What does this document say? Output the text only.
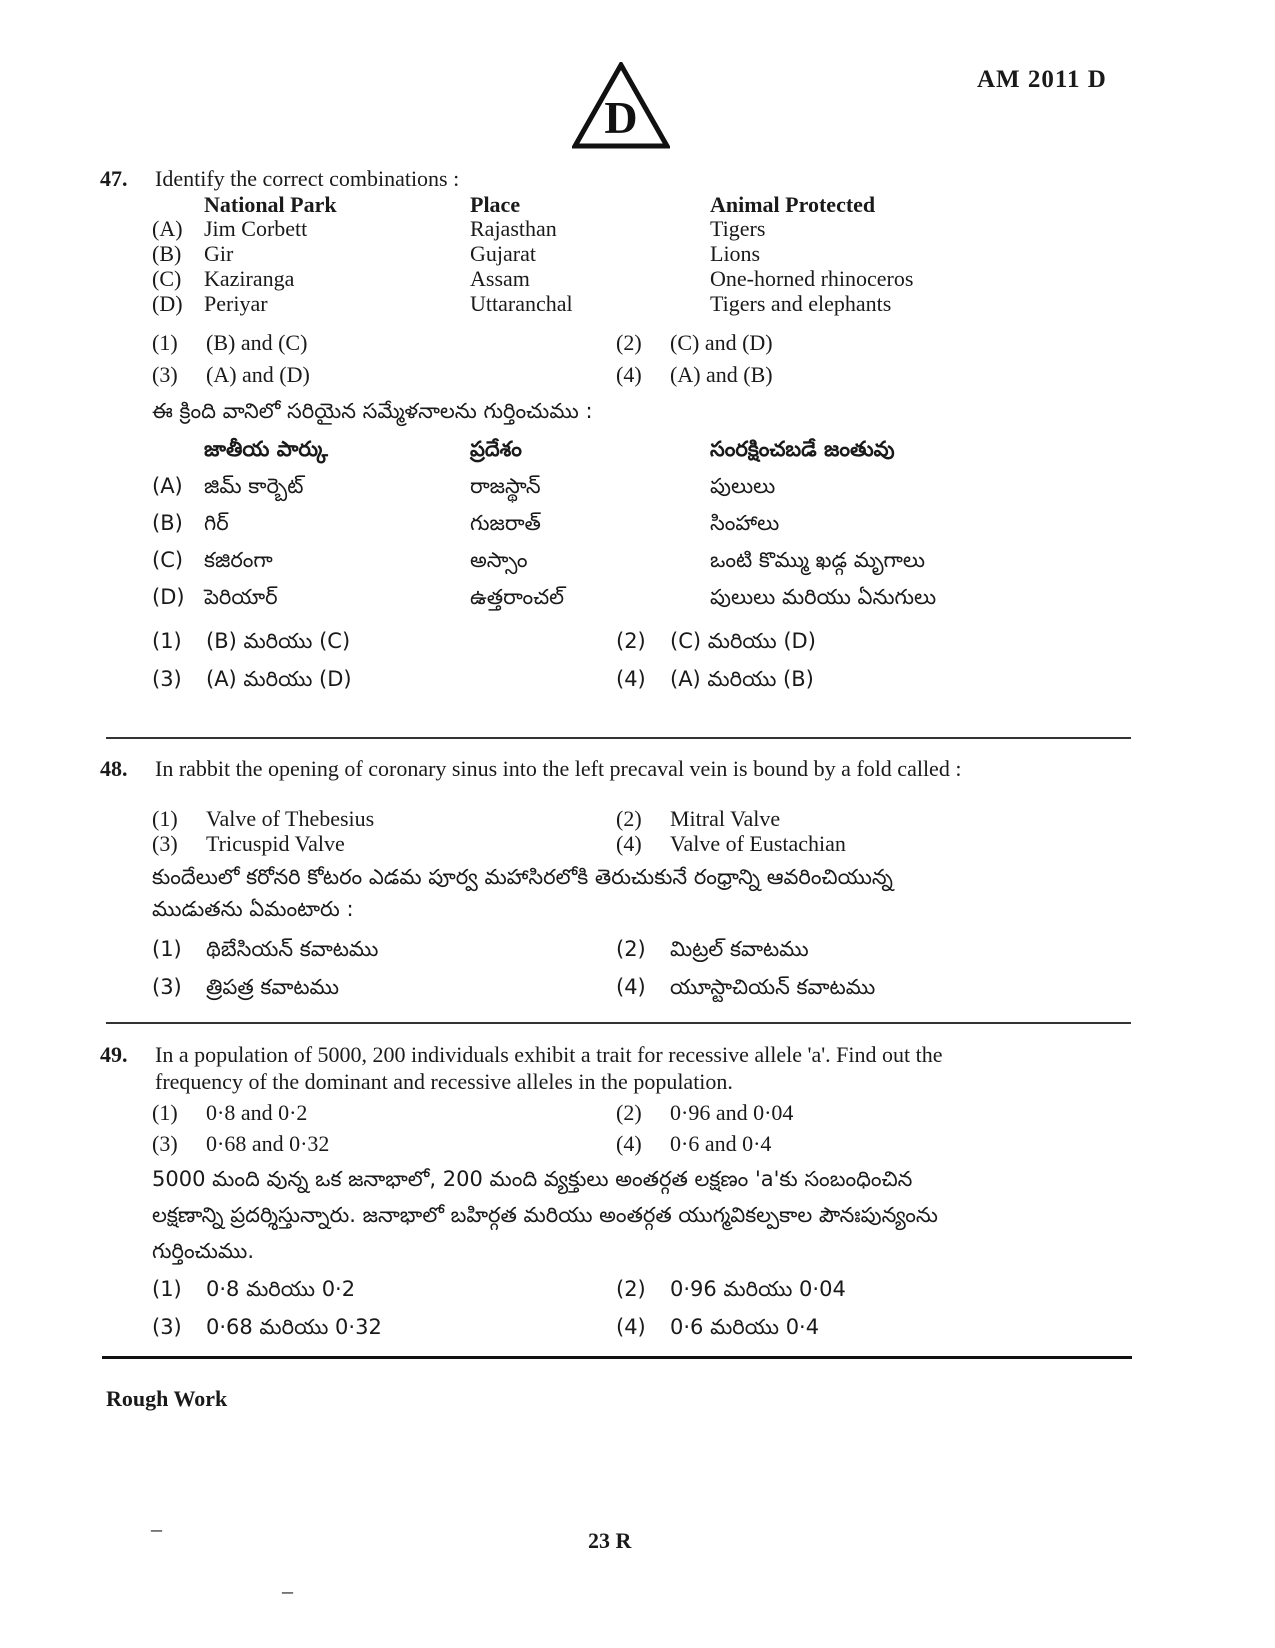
AM 2011 D
D
47. Identify the correct combinations :
National Park	Place	Animal Protected
(A) Jim Corbett	Rajasthan	Tigers
(B) Gir	Gujarat	Lions
(C) Kaziranga	Assam	One-horned rhinoceros
(D) Periyar	Uttaranchal	Tigers and elephants
(1) (B) and (C)	(2) (C) and (D)
(3) (A) and (D)	(4) (A) and (B)
ఈ క్రింది వానిలో సరియైన సమ్మేళనాలను గుర్తించుము :
జాతీయ పార్కు	ప్రదేశం	సంరక్షించబడే జంతువు
(A) జిమ్ కార్బెట్	రాజస్థాన్	పులులు
(B) గిర్	గుజరాత్	సింహాలు
(C) కజిరంగా	అస్సాం	ఒంటి కొమ్ము ఖడ్గ మృగాలు
(D) పెరియార్	ఉత్తరాంచల్	పులులు మరియు ఏనుగులు
(1) (B) మరియు (C)	(2) (C) మరియు (D)
(3) (A) మరియు (D)	(4) (A) మరియు (B)
48. In rabbit the opening of coronary sinus into the left precaval vein is bound by a fold called :
(1) Valve of Thebesius	(2) Mitral Valve
(3) Tricuspid Valve	(4) Valve of Eustachian
కుందేలులో కరోనరి కోటరం ఎడమ పూర్వ మహాసిరలోకి తెరుచుకునే రంధ్రాన్ని ఆవరించియున్న
ముడుతను ఏమంటారు :
(1) థిబేసియన్ కవాటము	(2) మిట్రల్ కవాటము
(3) త్రిపత్ర కవాటము	(4) యూస్టాచియన్ కవాటము
49. In a population of 5000, 200 individuals exhibit a trait for recessive allele 'a'. Find out the
frequency of the dominant and recessive alleles in the population.
(1) 0·8 and 0·2	(2) 0·96 and 0·04
(3) 0·68 and 0·32	(4) 0·6 and 0·4
5000 మంది వున్న ఒక జనాభాలో, 200 మంది వ్యక్తులు అంతర్గత లక్షణం 'a'కు సంబంధించిన
లక్షణాన్ని ప్రదర్శిస్తున్నారు. జనాభాలో బహిర్గత మరియు అంతర్గత యుగ్మవికల్పకాల పౌనఃపున్యంను
గుర్తించుము.
(1) 0·8 మరియు 0·2	(2) 0·96 మరియు 0·04
(3) 0·68 మరియు 0·32	(4) 0·6 మరియు 0·4
Rough Work
–	23 R
–
